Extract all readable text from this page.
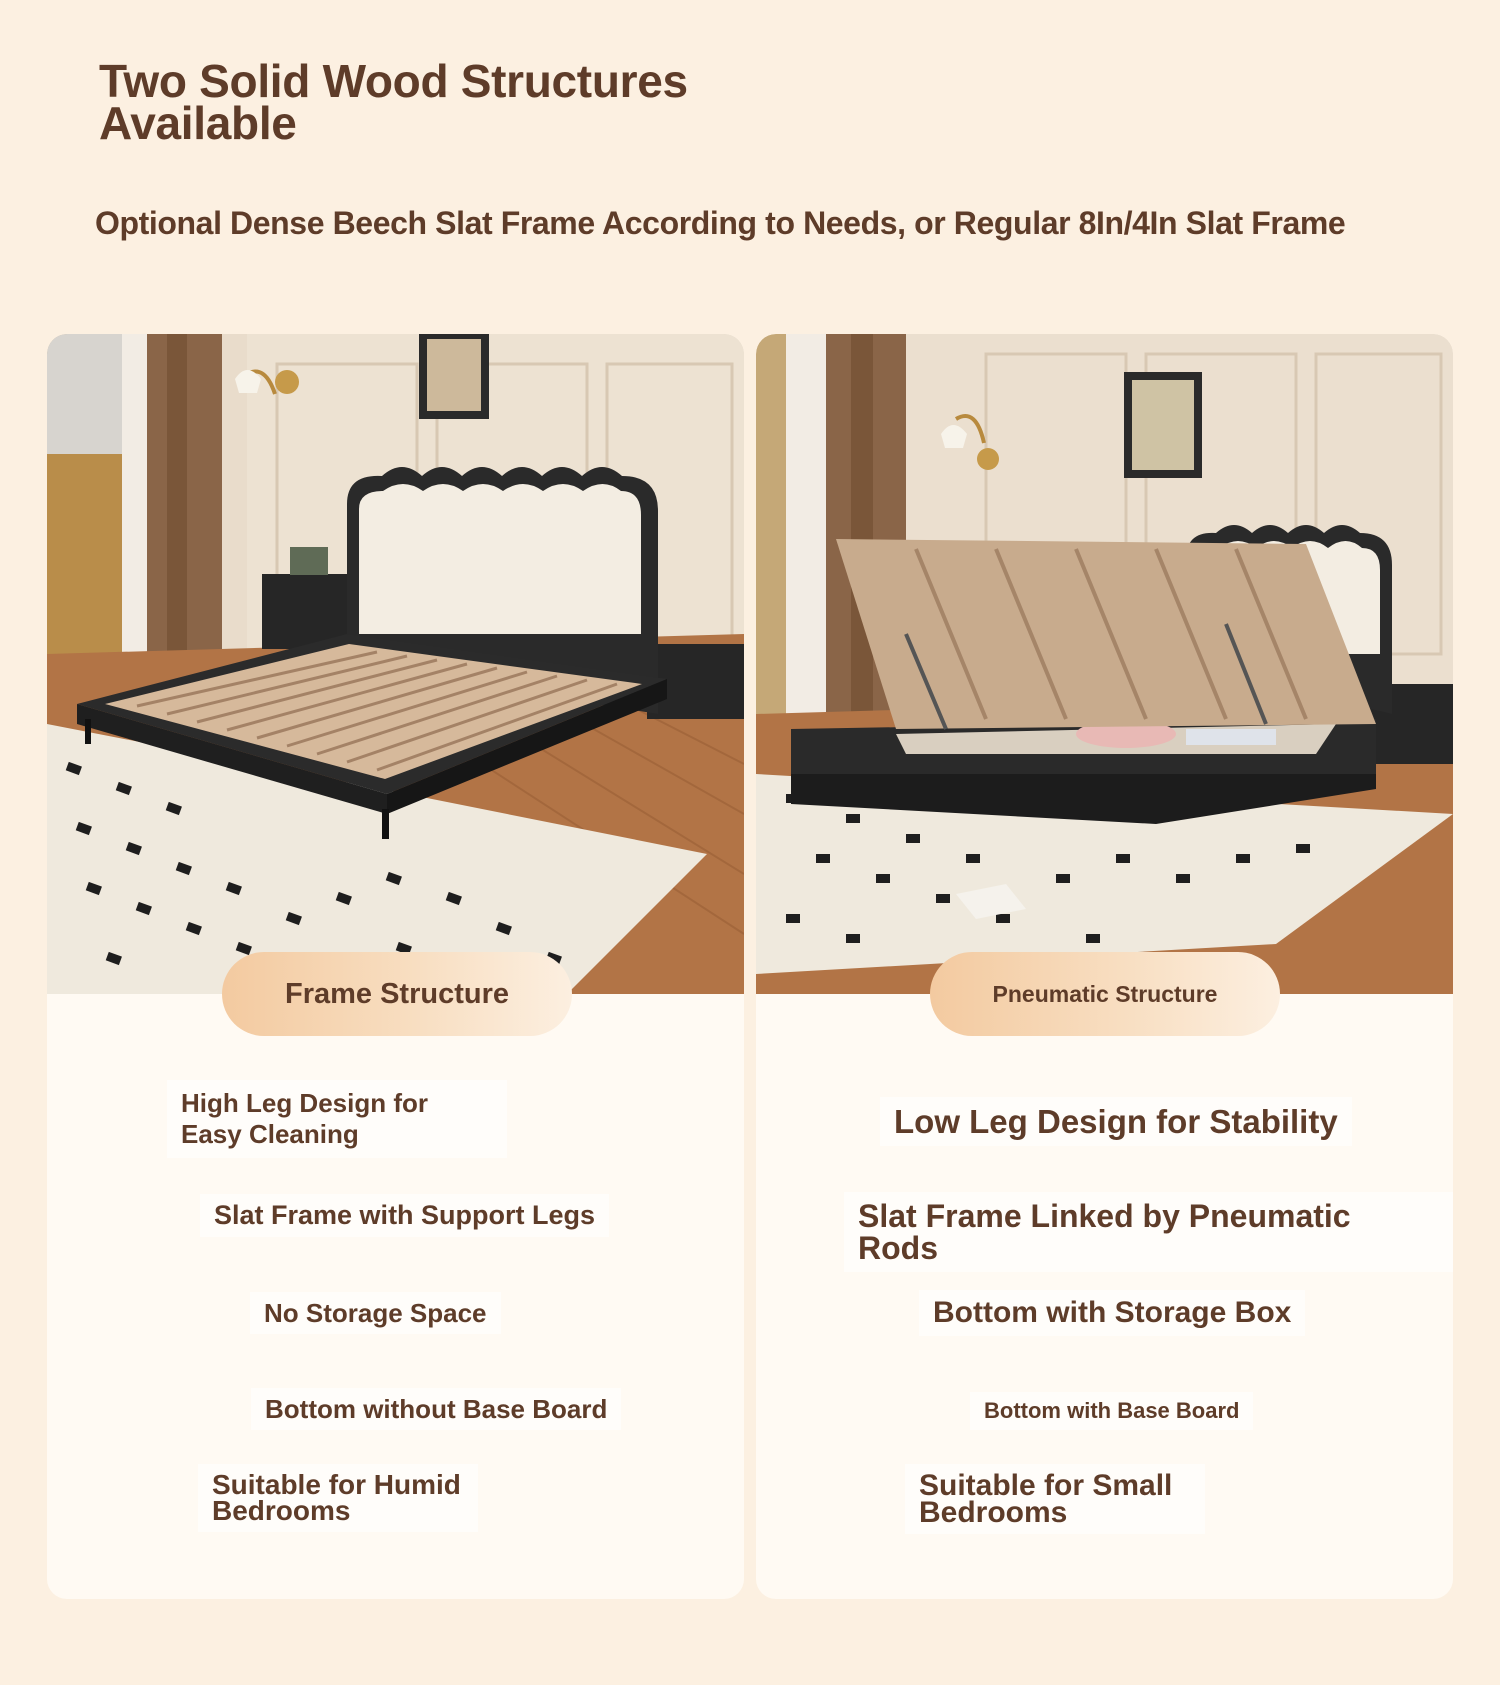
Two Solid Wood Structures Available
Optional Dense Beech Slat Frame According to Needs, or Regular 8In/4In Slat Frame
Frame Structure
High Leg Design for Easy Cleaning
Slat Frame with Support Legs
No Storage Space
Bottom without Base Board
Suitable for Humid Bedrooms
Pneumatic Structure
Low Leg Design for Stability
Slat Frame Linked by Pneumatic Rods
Bottom with Storage Box
Bottom with Base Board
Suitable for Small Bedrooms
